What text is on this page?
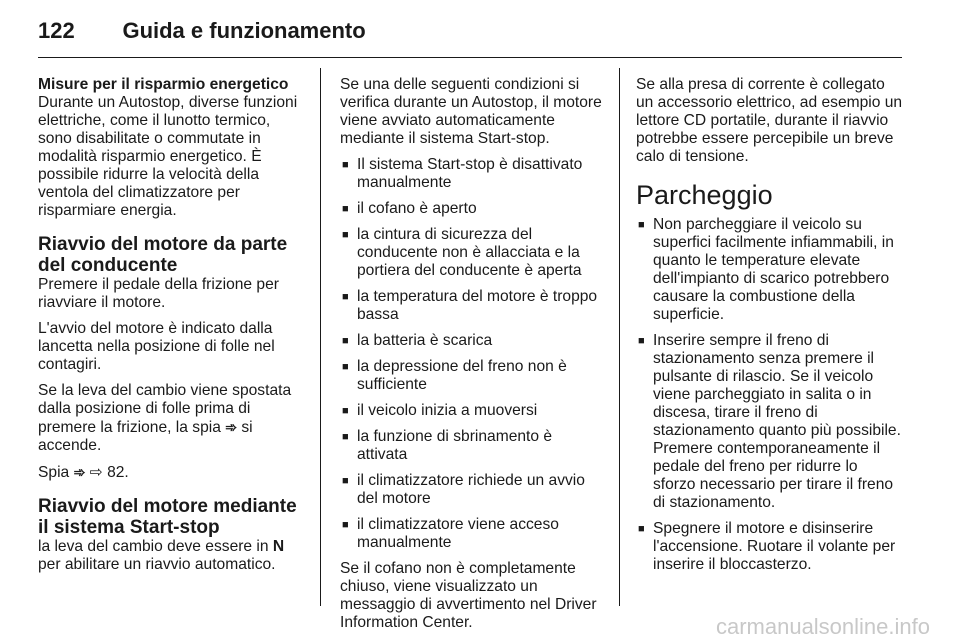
122 Guida e funzionamento
Misure per il risparmio energetico

Durante un Autostop, diverse funzioni elettriche, come il lunotto termico, sono disabilitate o commutate in modalità risparmio energetico. È possibile ridurre la velocità della ventola del climatizzatore per risparmiare energia.

Riavvio del motore da parte del conducente

Premere il pedale della frizione per riavviare il motore.

L'avvio del motore è indicato dalla lancetta nella posizione di folle nel contagiri.

Se la leva del cambio viene spostata dalla posizione di folle prima di premere la frizione, la spia ➾ si accende.

Spia ➾ ⇨ 82.

Riavvio del motore mediante il sistema Start-stop

la leva del cambio deve essere in N per abilitare un riavvio automatico.

Se una delle seguenti condizioni si verifica durante un Autostop, il motore viene avviato automaticamente mediante il sistema Start-stop.

■ Il sistema Start-stop è disattivato manualmente
■ il cofano è aperto
■ la cintura di sicurezza del conducente non è allacciata e la portiera del conducente è aperta
■ la temperatura del motore è troppo bassa
■ la batteria è scarica
■ la depressione del freno non è sufficiente
■ il veicolo inizia a muoversi
■ la funzione di sbrinamento è attivata
■ il climatizzatore richiede un avvio del motore
■ il climatizzatore viene acceso manualmente

Se il cofano non è completamente chiuso, viene visualizzato un messaggio di avvertimento nel Driver Information Center.

Se alla presa di corrente è collegato un accessorio elettrico, ad esempio un lettore CD portatile, durante il riavvio potrebbe essere percepibile un breve calo di tensione.

Parcheggio
■ Non parcheggiare il veicolo su superfici facilmente infiammabili, in quanto le temperature elevate dell'impianto di scarico potrebbero causare la combustione della superficie.
■ Inserire sempre il freno di stazionamento senza premere il pulsante di rilascio. Se il veicolo viene parcheggiato in salita o in discesa, tirare il freno di stazionamento quanto più possibile. Premere contemporaneamente il pedale del freno per ridurre lo sforzo necessario per tirare il freno di stazionamento.
■ Spegnere il motore e disinserire l'accensione. Ruotare il volante per inserire il bloccasterzo.
carmanualsonline.info
